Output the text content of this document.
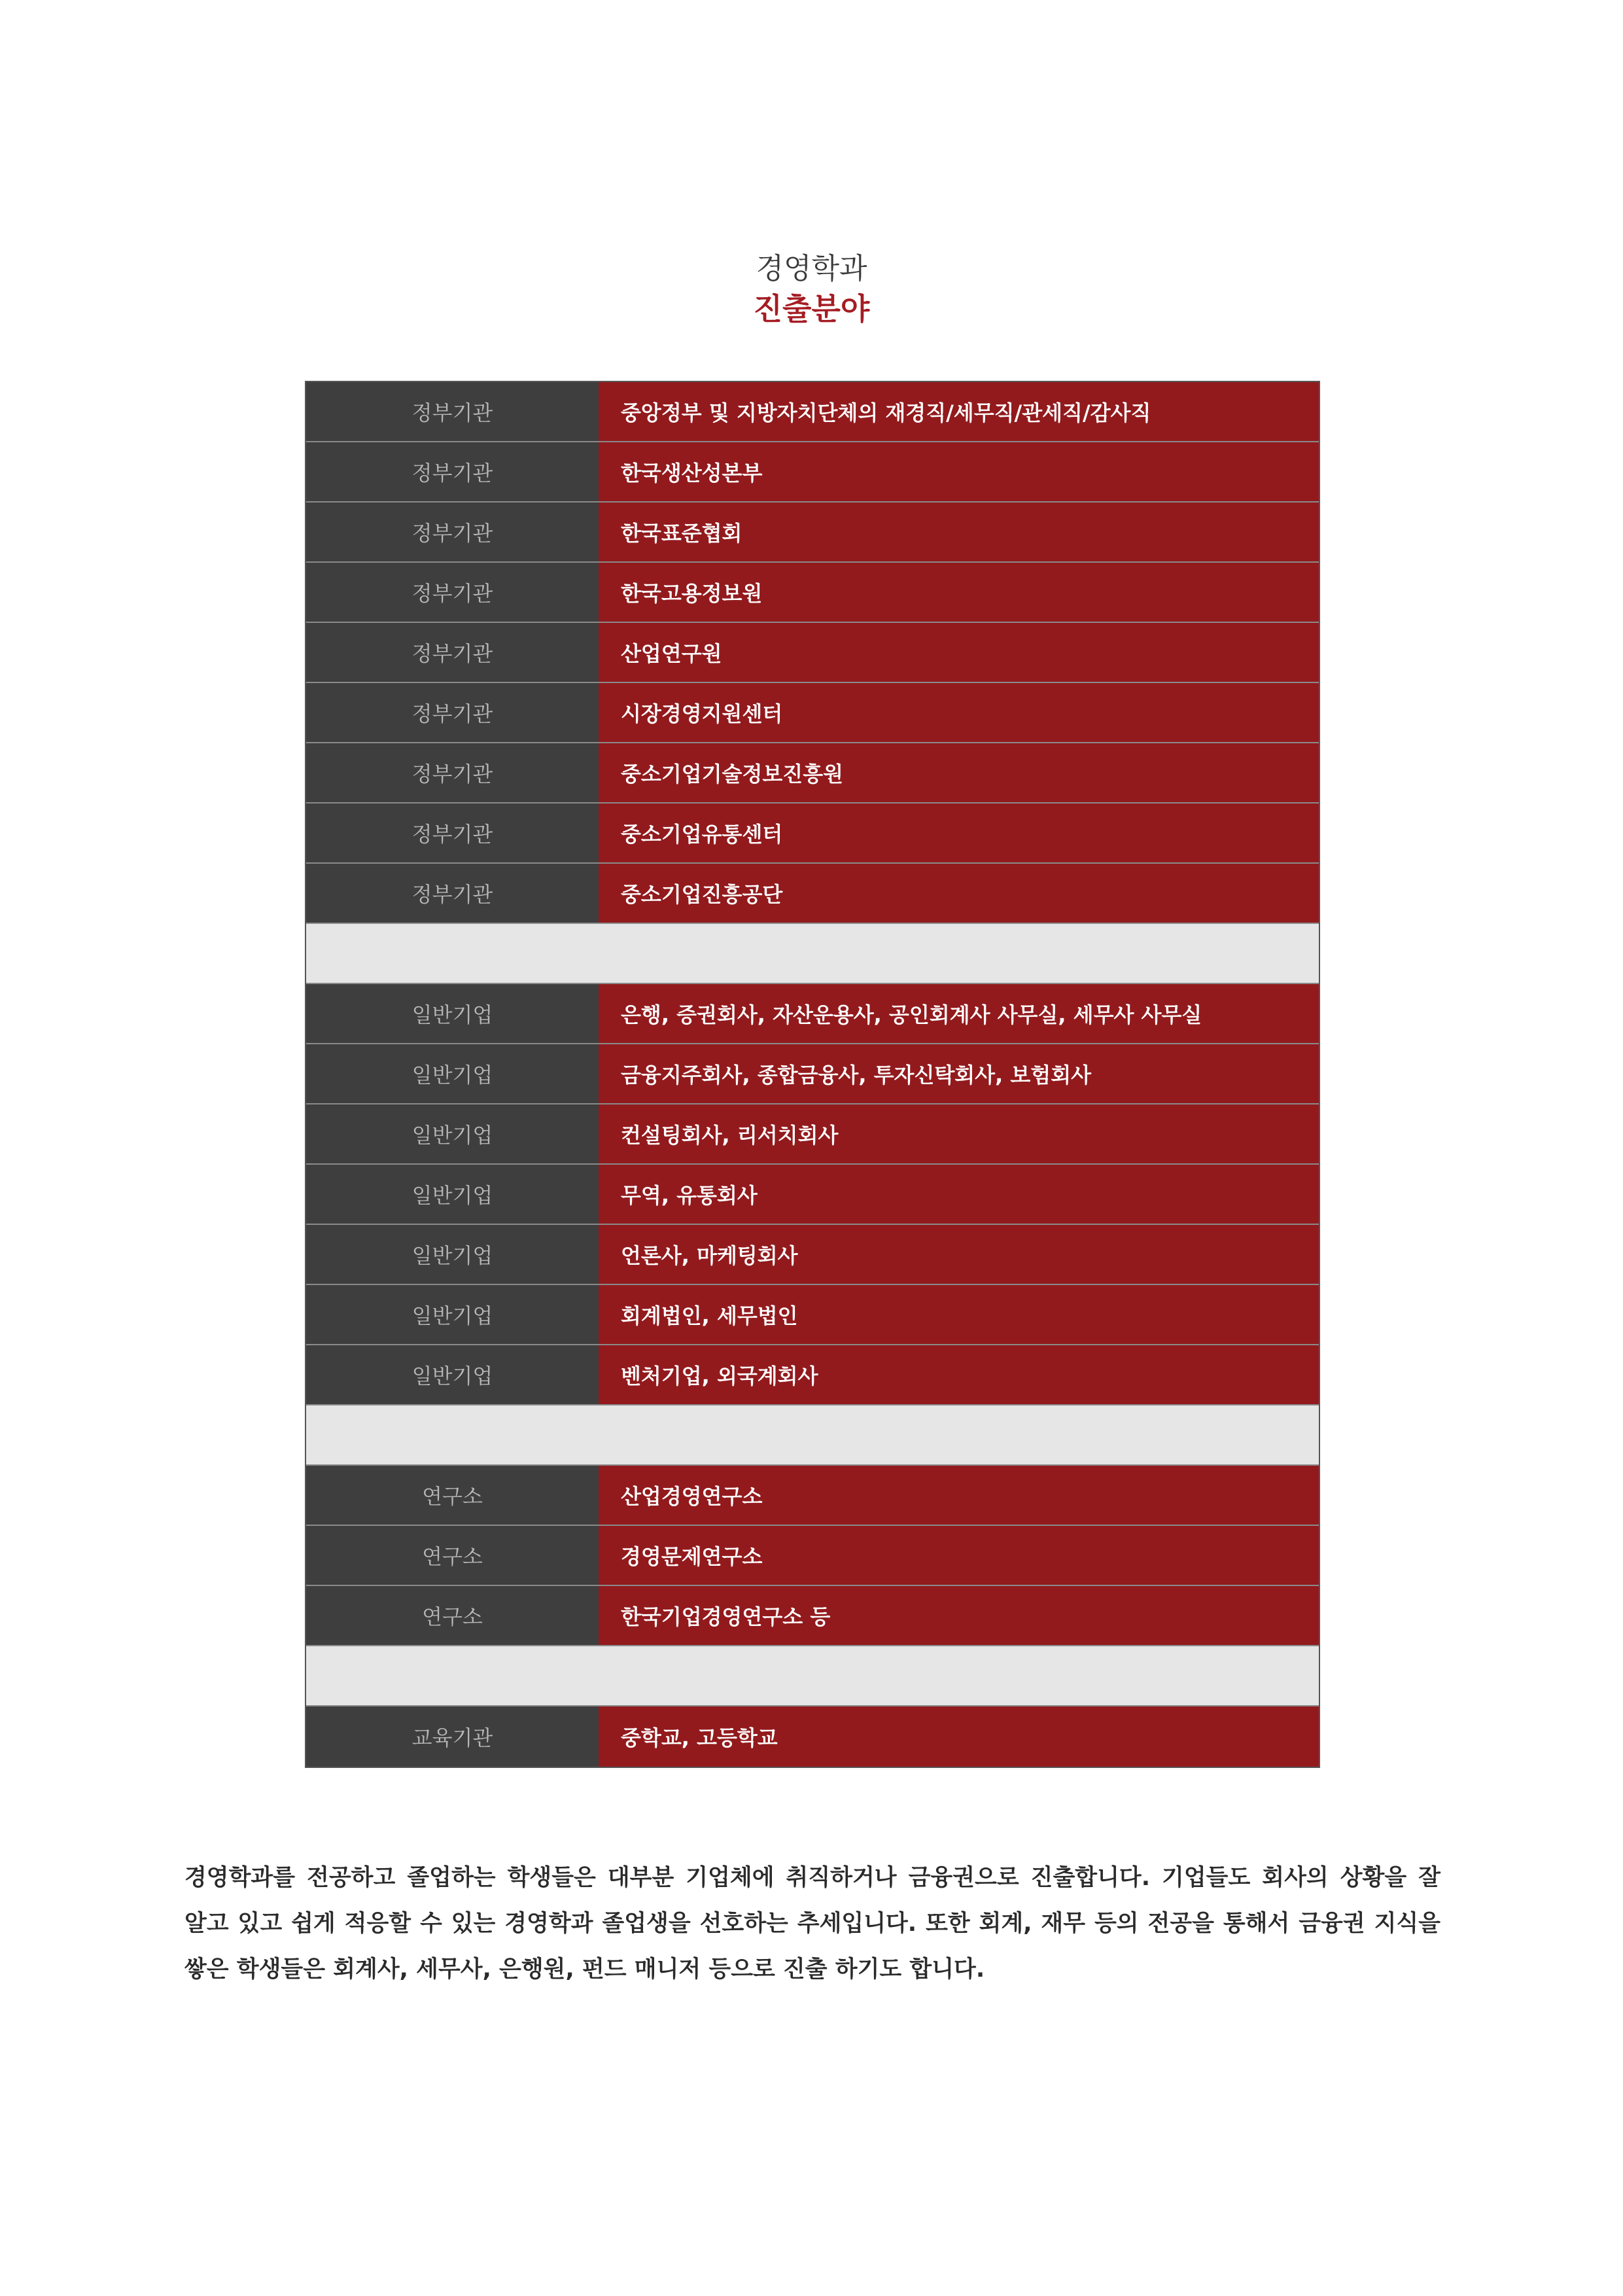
경영학과
진출분야
정부기관	중앙정부 및 지방자치단체의 재경직/세무직/관세직/감사직
정부기관	한국생산성본부
정부기관	한국표준협회
정부기관	한국고용정보원
정부기관	산업연구원
정부기관	시장경영지원센터
정부기관	중소기업기술정보진흥원
정부기관	중소기업유통센터
정부기관	중소기업진흥공단
일반기업	은행, 증권회사, 자산운용사, 공인회계사 사무실, 세무사 사무실
일반기업	금융지주회사, 종합금융사, 투자신탁회사, 보험회사
일반기업	컨설팅회사, 리서치회사
일반기업	무역, 유통회사
일반기업	언론사, 마케팅회사
일반기업	회계법인, 세무법인
일반기업	벤처기업, 외국계회사
연구소	산업경영연구소
연구소	경영문제연구소
연구소	한국기업경영연구소 등
교육기관	중학교, 고등학교
경영학과를 전공하고 졸업하는 학생들은 대부분 기업체에 취직하거나 금융권으로 진출합니다. 기업들도 회사의 상황을 잘 알고 있고 쉽게 적응할 수 있는 경영학과 졸업생을 선호하는 추세입니다. 또한 회계, 재무 등의 전공을 통해서 금융권 지식을 쌓은 학생들은 회계사, 세무사, 은행원, 펀드 매니저 등으로 진출 하기도 합니다.
